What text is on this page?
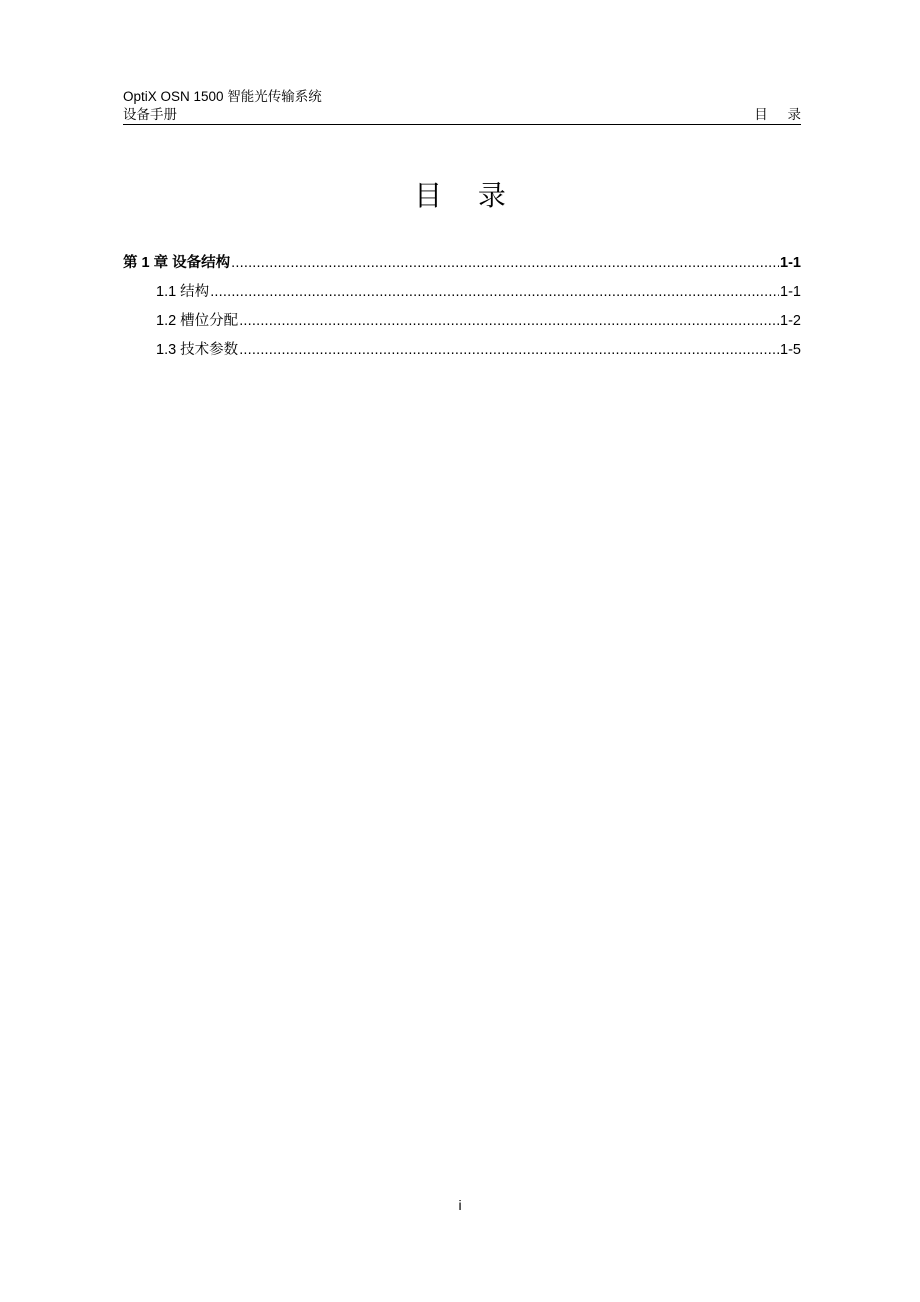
OptiX OSN 1500 智能光传输系统
设备手册	目 录
目 录
第 1 章 设备结构 .....	1-1
1.1 结构 .....	1-1
1.2 槽位分配 .....	1-2
1.3 技术参数 .....	1-5
i
